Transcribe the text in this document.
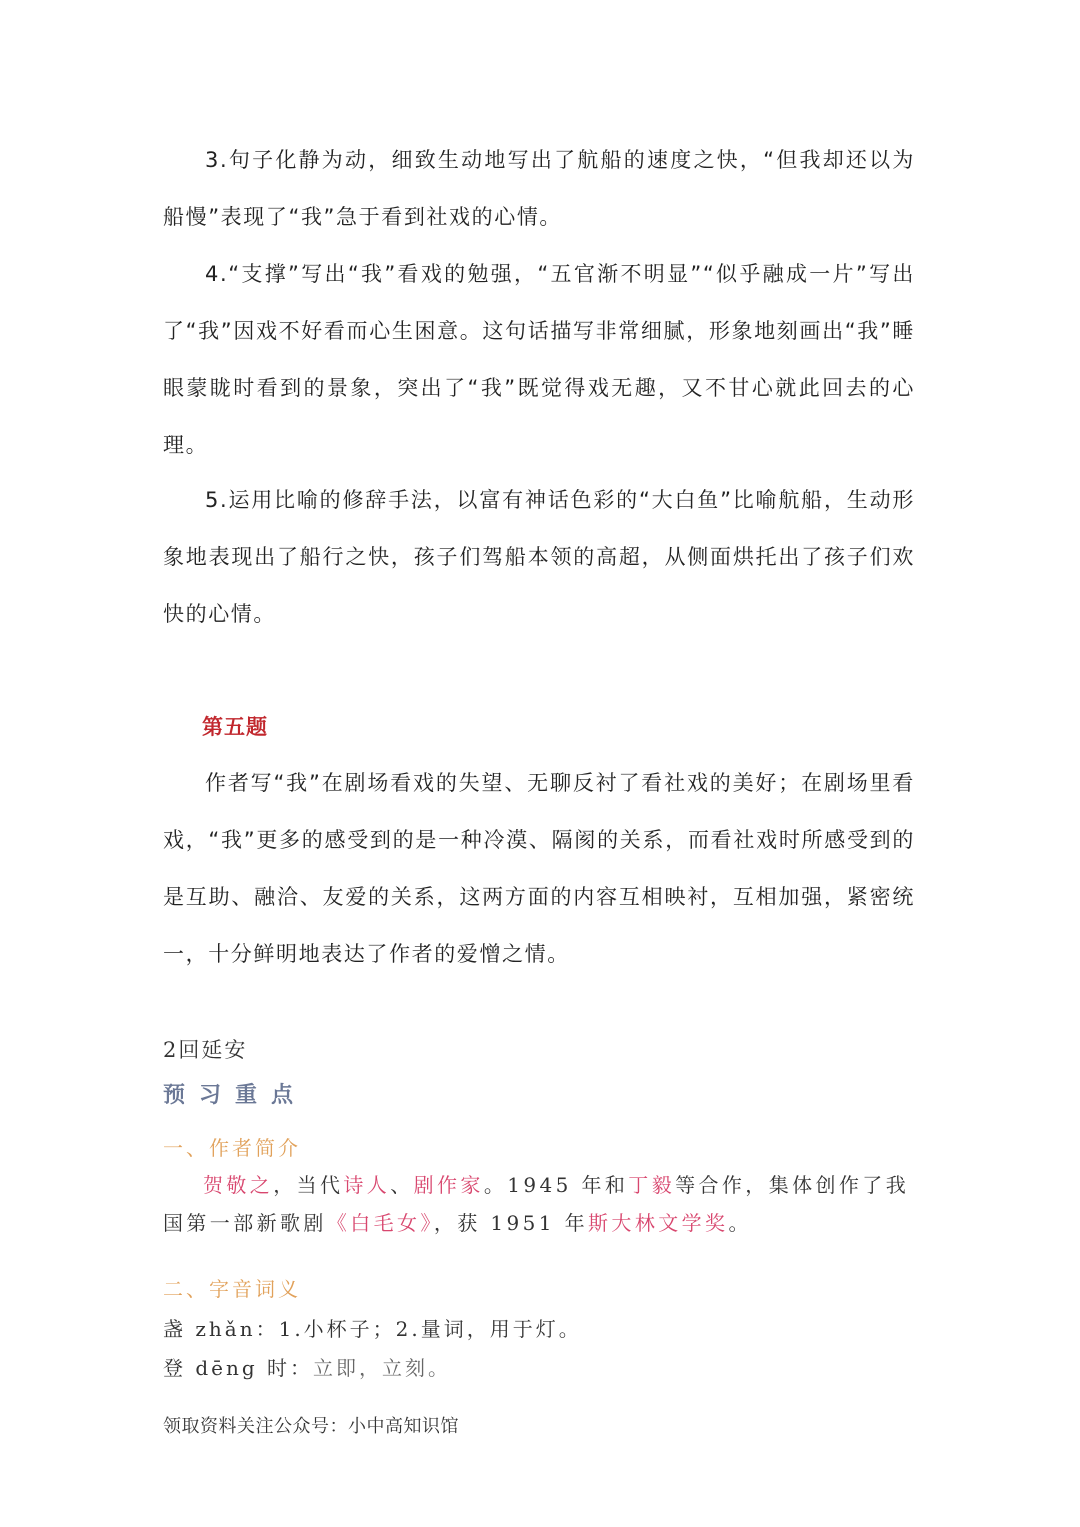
3.句子化静为动，细致生动地写出了航船的速度之快，“但我却还以为船慢”表现了“我”急于看到社戏的心情。

4.“支撑”写出“我”看戏的勉强，“五官渐不明显”“似乎融成一片”写出了“我”因戏不好看而心生困意。这句话描写非常细腻，形象地刻画出“我”睡眼蒙眬时看到的景象，突出了“我”既觉得戏无趣，又不甘心就此回去的心理。

5.运用比喻的修辞手法，以富有神话色彩的“大白鱼”比喻航船，生动形象地表现出了船行之快，孩子们驾船本领的高超，从侧面烘托出了孩子们欢快的心情。

第五题

作者写“我”在剧场看戏的失望、无聊反衬了看社戏的美好；在剧场里看戏，“我”更多的感受到的是一种冷漠、隔阂的关系，而看社戏时所感受到的是互助、融洽、友爱的关系，这两方面的内容互相映衬，互相加强，紧密统一，十分鲜明地表达了作者的爱憎之情。

2回延安
预习重点
一、作者简介

贺敬之，当代诗人、剧作家。1945 年和丁毅等合作，集体创作了我国第一部新歌剧《白毛女》，获 1951 年斯大林文学奖。

二、字音词义
盏 zhǎn：1.小杯子；2.量词，用于灯。
登 dēng 时：立即，立刻。
领取资料关注公众号：小中高知识馆
